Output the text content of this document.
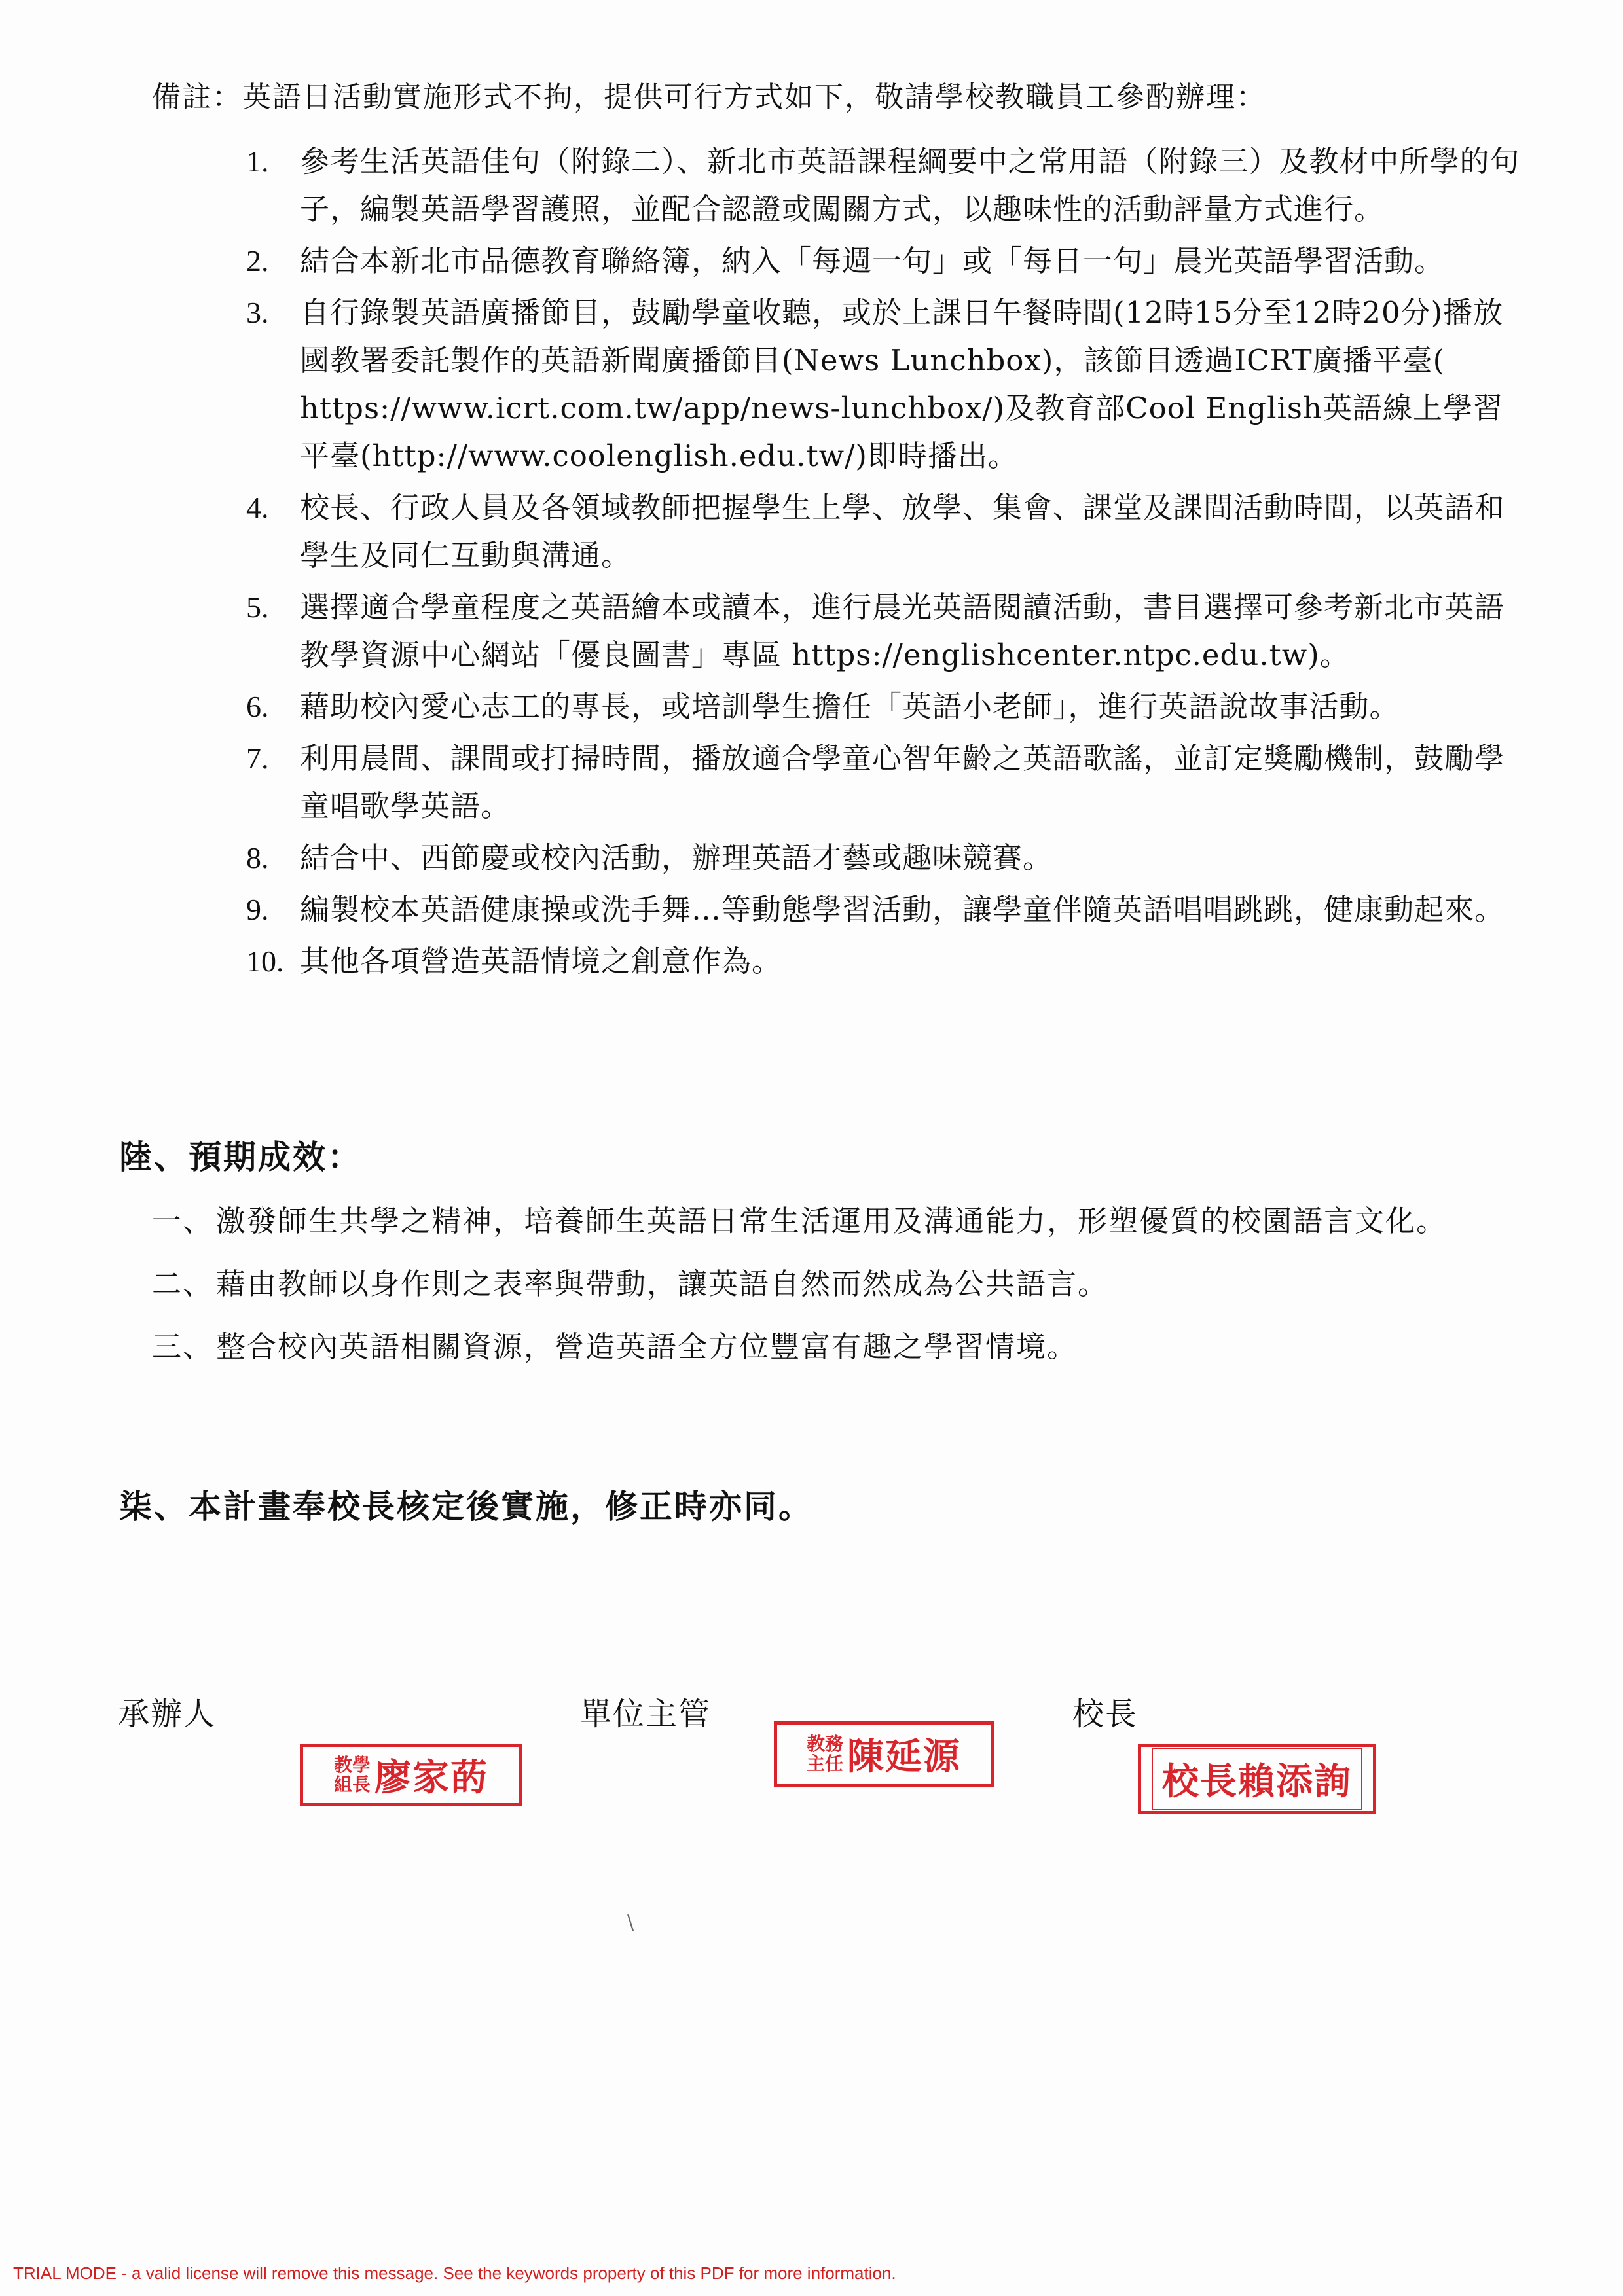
備註：英語日活動實施形式不拘，提供可行方式如下，敬請學校教職員工參酌辦理：
1.	參考生活英語佳句（附錄二）、新北市英語課程綱要中之常用語（附錄三）及教材中所學的句子，編製英語學習護照，並配合認證或闖關方式，以趣味性的活動評量方式進行。
2.	結合本新北市品德教育聯絡簿，納入「每週一句」或「每日一句」晨光英語學習活動。
3.	自行錄製英語廣播節目，鼓勵學童收聽，或於上課日午餐時間(12時15分至12時20分)播放國教署委託製作的英語新聞廣播節目(News Lunchbox)，該節目透過ICRT廣播平臺( https://www.icrt.com.tw/app/news-lunchbox/)及教育部Cool English英語線上學習平臺(http://www.coolenglish.edu.tw/)即時播出。
4.	校長、行政人員及各領域教師把握學生上學、放學、集會、課堂及課間活動時間，以英語和學生及同仁互動與溝通。
5.	選擇適合學童程度之英語繪本或讀本，進行晨光英語閱讀活動，書目選擇可參考新北市英語教學資源中心網站「優良圖書」專區 https://englishcenter.ntpc.edu.tw)。
6.	藉助校內愛心志工的專長，或培訓學生擔任「英語小老師」，進行英語說故事活動。
7.	利用晨間、課間或打掃時間，播放適合學童心智年齡之英語歌謠，並訂定獎勵機制，鼓勵學童唱歌學英語。
8.	結合中、西節慶或校內活動，辦理英語才藝或趣味競賽。
9.	編製校本英語健康操或洗手舞…等動態學習活動，讓學童伴隨英語唱唱跳跳，健康動起來。
10. 其他各項營造英語情境之創意作為。
陸、預期成效：
一、 激發師生共學之精神，培養師生英語日常生活運用及溝通能力，形塑優質的校園語言文化。
二、 藉由教師以身作則之表率與帶動，讓英語自然而然成為公共語言。
三、 整合校內英語相關資源，營造英語全方位豐富有趣之學習情境。
柒、本計畫奉校長核定後實施，修正時亦同。
承辦人	單位主管	校長
教學
組長 廖家菂
教務
主任 陳延源
校長賴添詢
\
TRIAL MODE - a valid license will remove this message. See the keywords property of this PDF for more information.
